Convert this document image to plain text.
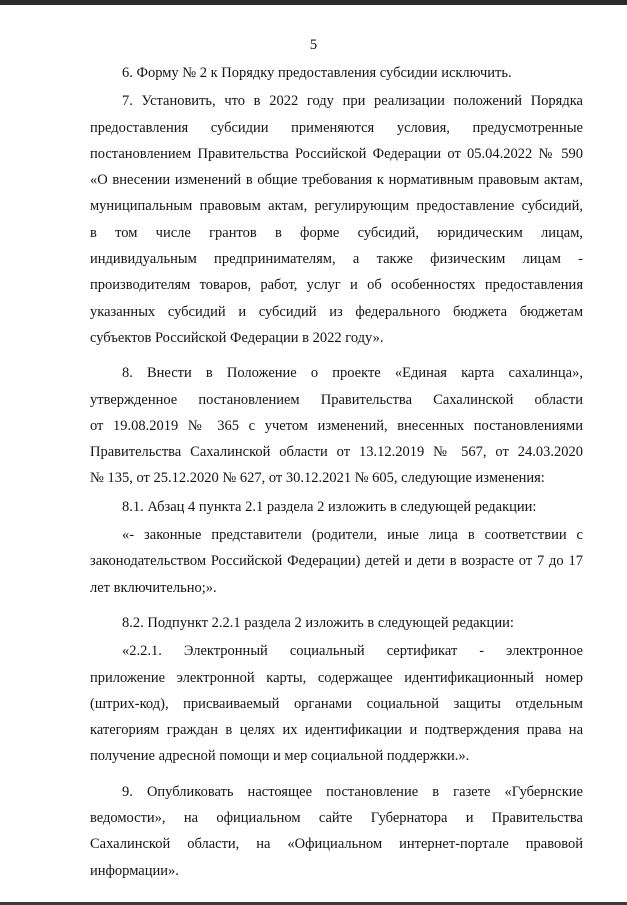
5

6. Форму № 2 к Порядку предоставления субсидии исключить.

7. Установить, что в 2022 году при реализации положений Порядка
предоставления субсидии применяются условия, предусмотренные
постановлением Правительства Российской Федерации от 05.04.2022 № 590
«О внесении изменений в общие требования к нормативным правовым актам,
муниципальным правовым актам, регулирующим предоставление субсидий,
в том числе грантов в форме субсидий, юридическим лицам,
индивидуальным предпринимателям, а также физическим лицам -
производителям товаров, работ, услуг и об особенностях предоставления
указанных субсидий и субсидий из федерального бюджета бюджетам
субъектов Российской Федерации в 2022 году».

8. Внести в Положение о проекте «Единая карта сахалинца»,
утвержденное постановлением Правительства Сахалинской области
от 19.08.2019 № 365 с учетом изменений, внесенных постановлениями
Правительства Сахалинской области от 13.12.2019 № 567, от 24.03.2020
№ 135, от 25.12.2020 № 627, от 30.12.2021 № 605, следующие изменения:

8.1. Абзац 4 пункта 2.1 раздела 2 изложить в следующей редакции:

«- законные представители (родители, иные лица в соответствии с
законодательством Российской Федерации) детей и дети в возрасте от 7 до 17
лет включительно;».

8.2. Подпункт 2.2.1 раздела 2 изложить в следующей редакции:

«2.2.1. Электронный социальный сертификат - электронное
приложение электронной карты, содержащее идентификационный номер
(штрих-код), присваиваемый органами социальной защиты отдельным
категориям граждан в целях их идентификации и подтверждения права на
получение адресной помощи и мер социальной поддержки.».

9. Опубликовать настоящее постановление в газете «Губернские
ведомости», на официальном сайте Губернатора и Правительства
Сахалинской области, на «Официальном интернет-портале правовой
информации».
